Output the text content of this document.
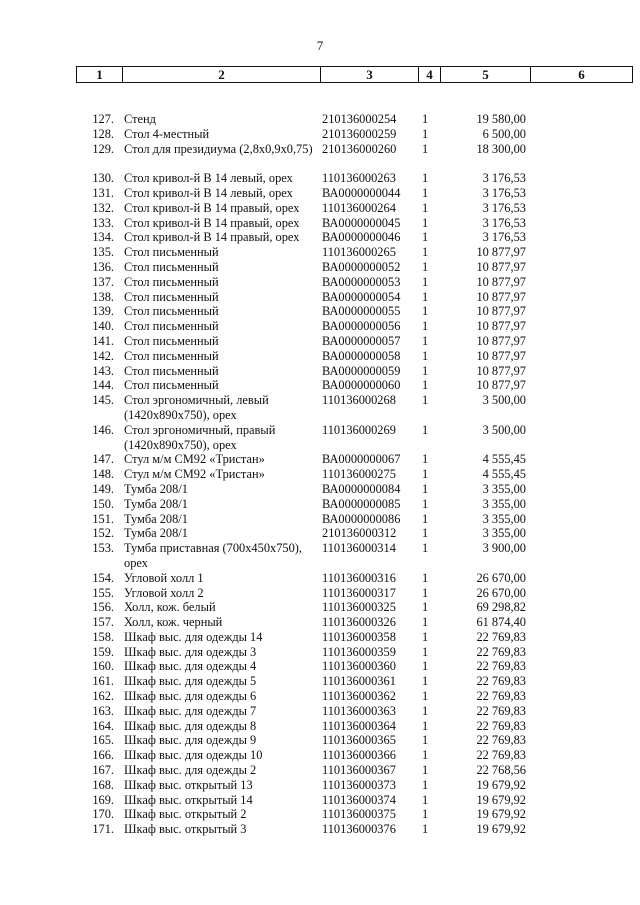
7
1	2	3	4	5	6
127. Стенд	210136000254 1	19 580,00
128. Стол 4-местный	210136000259 1	6 500,00
129. Стол для президиума (2,8х0,9х0,75) 210136000260 1	18 300,00
130. Стол кривол-й В 14 левый, орех	110136000263 1	3 176,53
131. Стол кривол-й В 14 левый, орех	ВА0000000044 1	3 176,53
132. Стол кривол-й В 14 правый, орех	110136000264 1	3 176,53
133. Стол кривол-й В 14 правый, орех	ВА0000000045 1	3 176,53
134. Стол кривол-й В 14 правый, орех	ВА0000000046 1	3 176,53
135. Стол письменный	110136000265 1	10 877,97
136. Стол письменный	ВА0000000052 1	10 877,97
137. Стол письменный	ВА0000000053 1	10 877,97
138. Стол письменный	ВА0000000054 1	10 877,97
139. Стол письменный	ВА0000000055 1	10 877,97
140. Стол письменный	ВА0000000056 1	10 877,97
141. Стол письменный	ВА0000000057 1	10 877,97
142. Стол письменный	ВА0000000058 1	10 877,97
143. Стол письменный	ВА0000000059 1	10 877,97
144. Стол письменный	ВА0000000060 1	10 877,97
145. Стол эргономичный, левый (1420х890х750), орех
110136000268 1	3 500,00
146. Стол эргономичный, правый (1420х890х750), орех
110136000269 1	3 500,00
147. Стул м/м СМ92 «Тристан»	ВА0000000067 1	4 555,45
148. Стул м/м СМ92 «Тристан»	110136000275 1	4 555,45
149. Тумба 208/1	ВА0000000084 1	3 355,00
150. Тумба 208/1	ВА0000000085 1	3 355,00
151. Тумба 208/1	ВА0000000086 1	3 355,00
152. Тумба 208/1	210136000312 1	3 355,00
153. Тумба приставная (700х450х750), орех
110136000314 1	3 900,00
154. Угловой холл 1	110136000316 1	26 670,00
155. Угловой холл 2	110136000317 1	26 670,00
156. Холл, кож. белый	110136000325 1	69 298,82
157. Холл, кож. черный	110136000326 1	61 874,40
158. Шкаф выс. для одежды 14	110136000358 1	22 769,83
159. Шкаф выс. для одежды 3	110136000359 1	22 769,83
160. Шкаф выс. для одежды 4	110136000360 1	22 769,83
161. Шкаф выс. для одежды 5	110136000361 1	22 769,83
162. Шкаф выс. для одежды 6	110136000362 1	22 769,83
163. Шкаф выс. для одежды 7	110136000363 1	22 769,83
164. Шкаф выс. для одежды 8	110136000364 1	22 769,83
165. Шкаф выс. для одежды 9	110136000365 1	22 769,83
166. Шкаф выс. для одежды 10	110136000366 1	22 769,83
167. Шкаф выс. для одежды 2	110136000367 1	22 768,56
168. Шкаф выс. открытый 13	110136000373 1	19 679,92
169. Шкаф выс. открытый 14	110136000374 1	19 679,92
170. Шкаф выс. открытый 2	110136000375 1	19 679,92
171. Шкаф выс. открытый 3	110136000376 1	19 679,92
